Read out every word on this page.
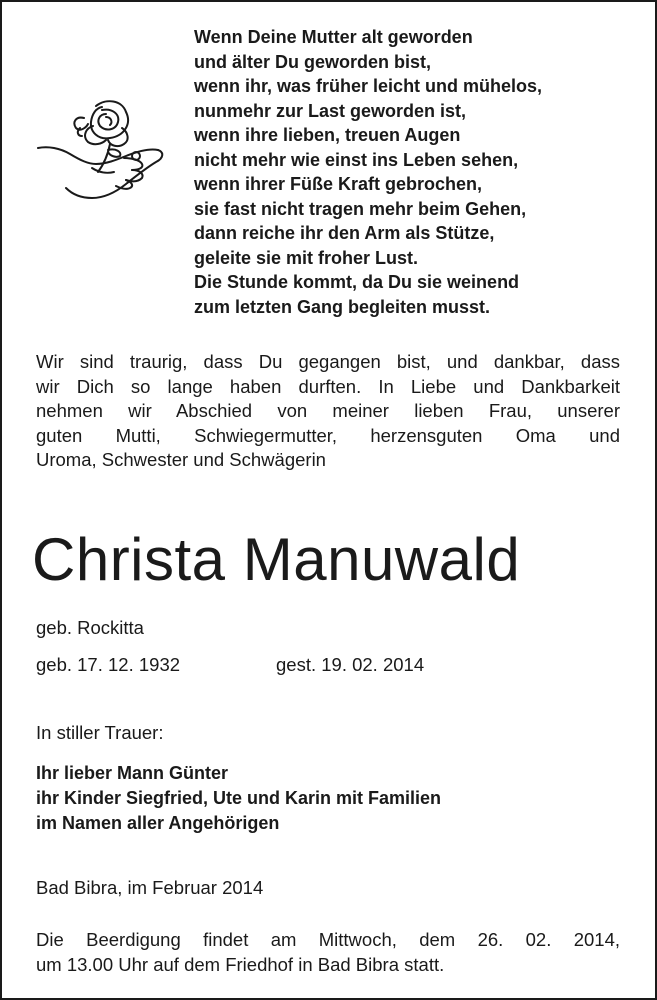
Wenn Deine Mutter alt geworden
und älter Du geworden bist,
wenn ihr, was früher leicht und mühelos,
nunmehr zur Last geworden ist,
wenn ihre lieben, treuen Augen
nicht mehr wie einst ins Leben sehen,
wenn ihrer Füße Kraft gebrochen,
sie fast nicht tragen mehr beim Gehen,
dann reiche ihr den Arm als Stütze,
geleite sie mit froher Lust.
Die Stunde kommt, da Du sie weinend
zum letzten Gang begleiten musst.
Wir sind traurig, dass Du gegangen bist, und dankbar, dass
wir Dich so lange haben durften. In Liebe und Dankbarkeit
nehmen wir Abschied von meiner lieben Frau, unserer
guten Mutti, Schwiegermutter, herzensguten Oma und
Uroma, Schwester und Schwägerin
Christa Manuwald
geb. Rockitta
geb. 17. 12. 1932	gest. 19. 02. 2014
In stiller Trauer:
Ihr lieber Mann Günter
ihr Kinder Siegfried, Ute und Karin mit Familien
im Namen aller Angehörigen
Bad Bibra, im Februar 2014
Die Beerdigung findet am Mittwoch, dem 26. 02. 2014,
um 13.00 Uhr auf dem Friedhof in Bad Bibra statt.
